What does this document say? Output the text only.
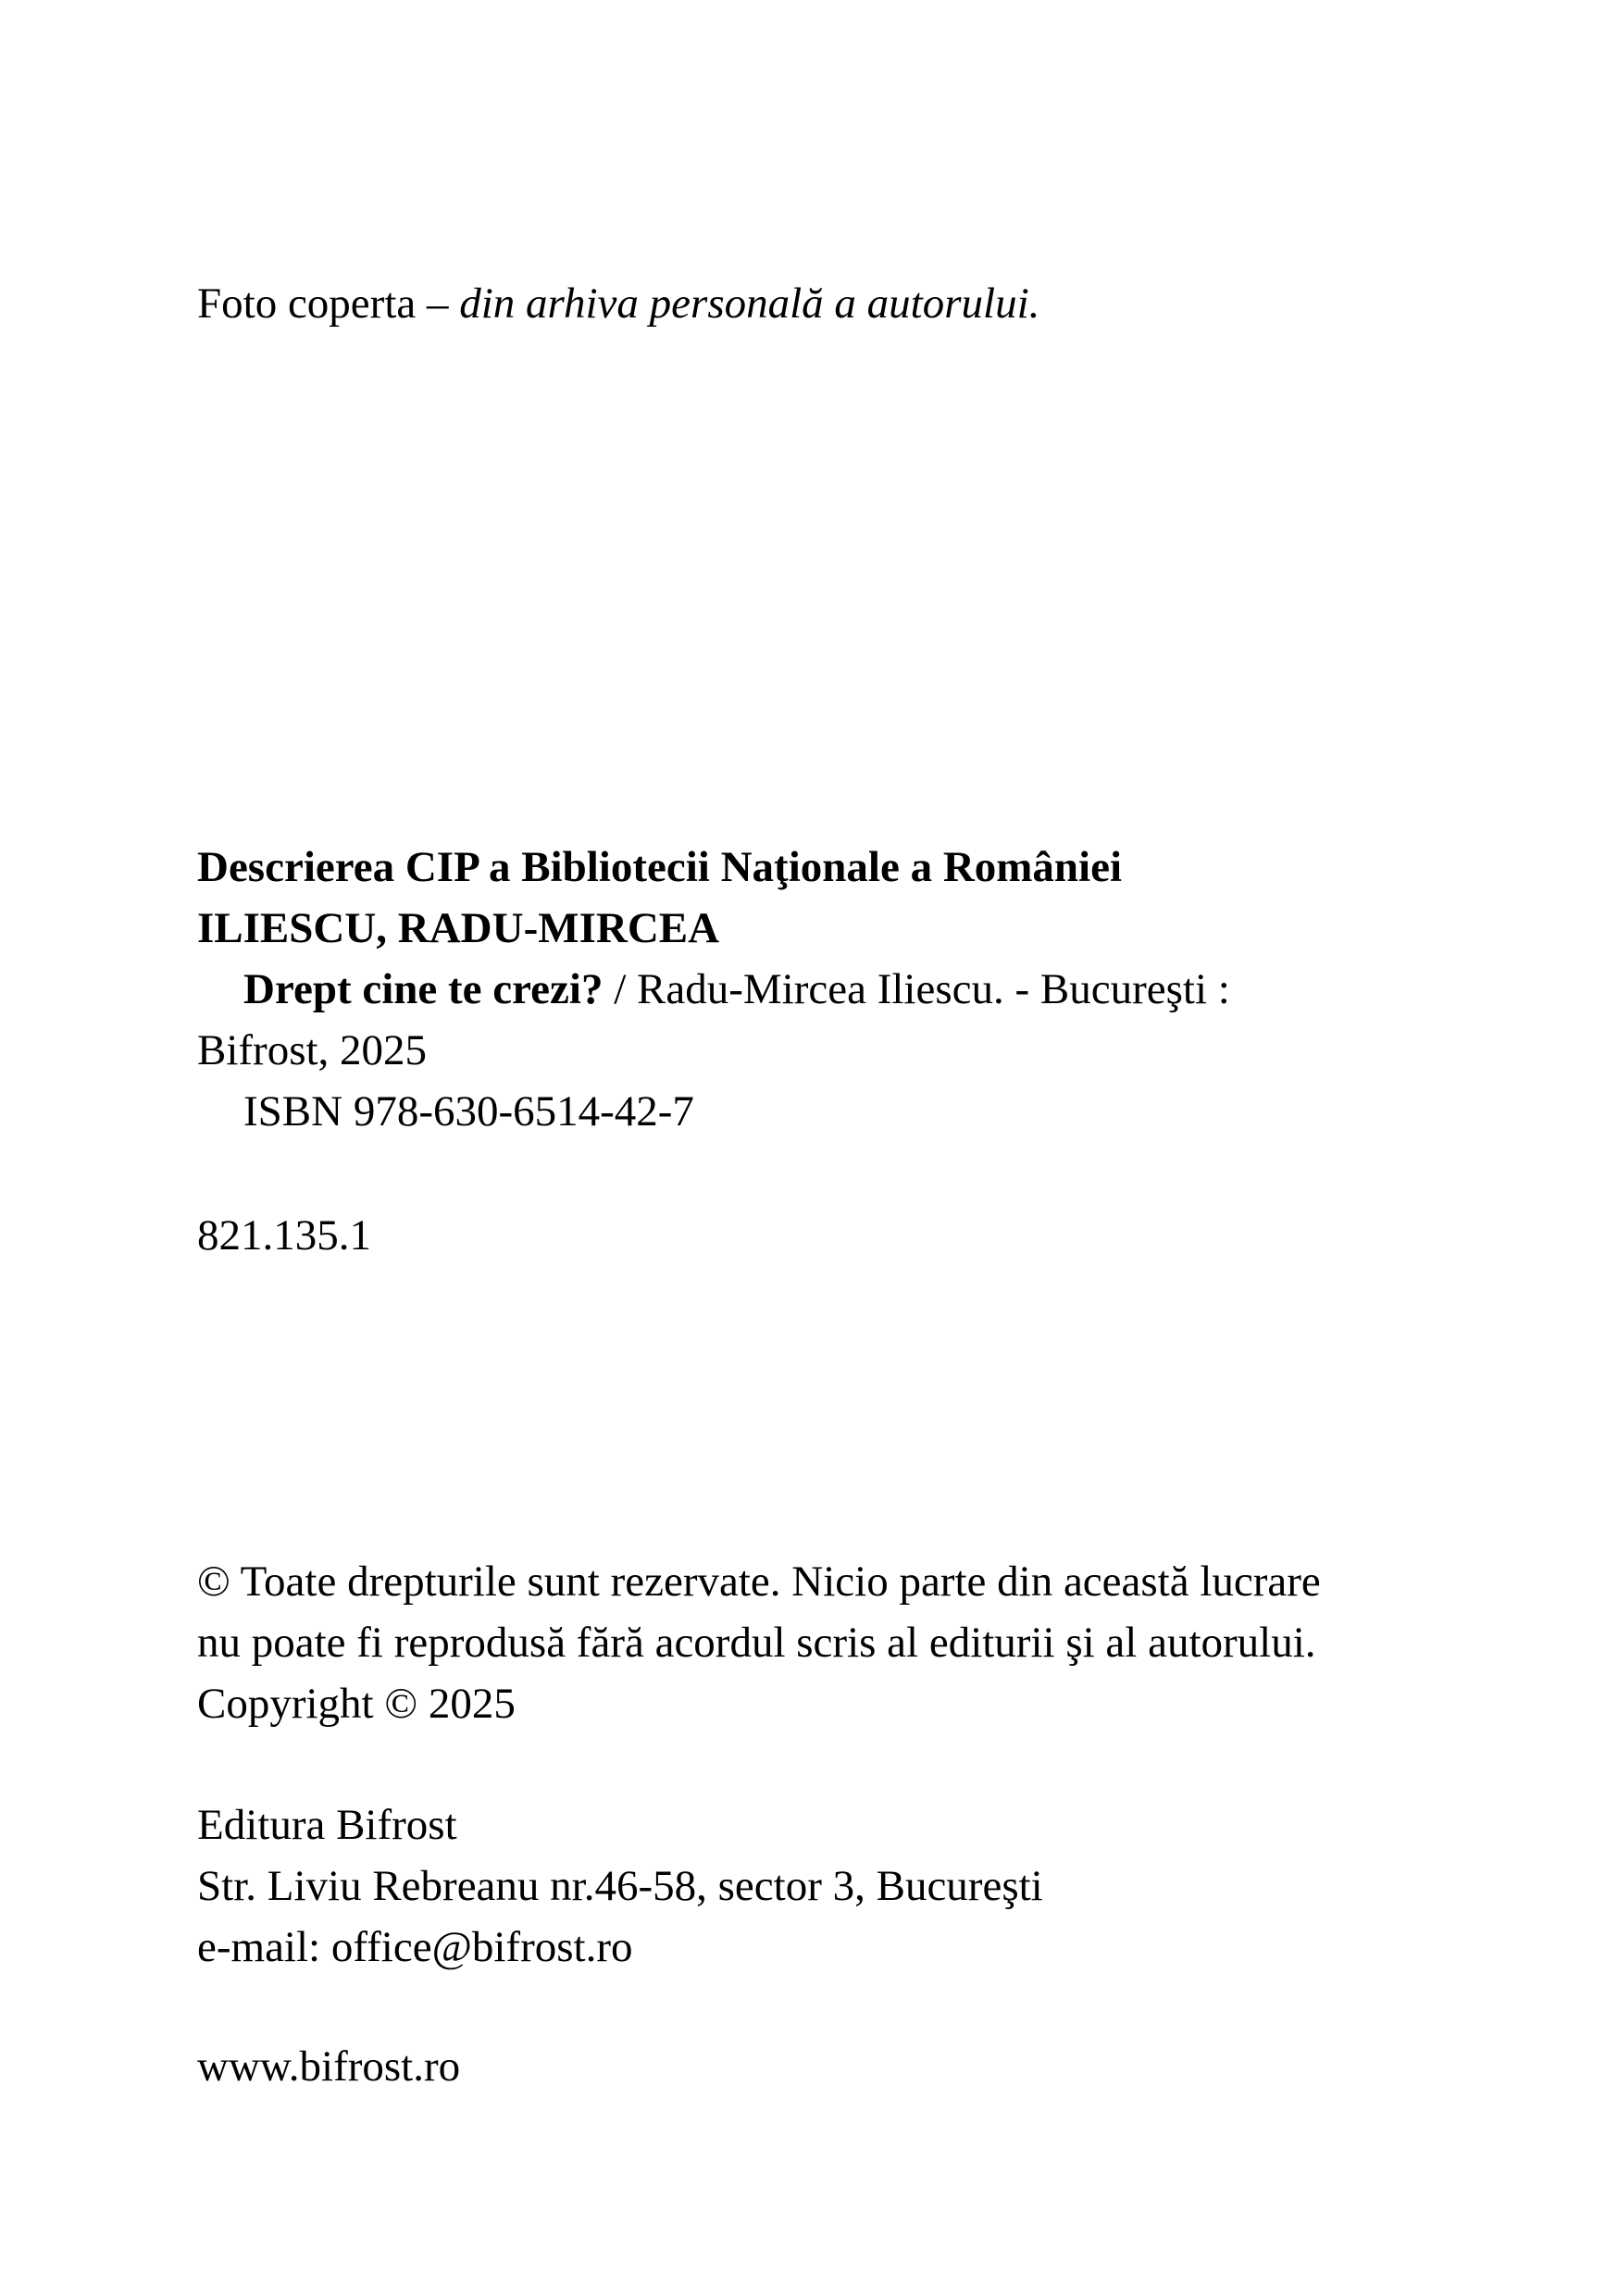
Foto coperta – din arhiva personală a autorului.
Descrierea CIP a Bibliotecii Naţionale a României
ILIESCU, RADU-MIRCEA
Drept cine te crezi? / Radu-Mircea Iliescu. - Bucureşti :
Bifrost, 2025
ISBN 978-630-6514-42-7
821.135.1
© Toate drepturile sunt rezervate. Nicio parte din această lucrare
nu poate fi reprodusă fără acordul scris al editurii şi al autorului.
Copyright © 2025
Editura Bifrost
Str. Liviu Rebreanu nr.46-58, sector 3, Bucureşti
e-mail: office@bifrost.ro
www.bifrost.ro
